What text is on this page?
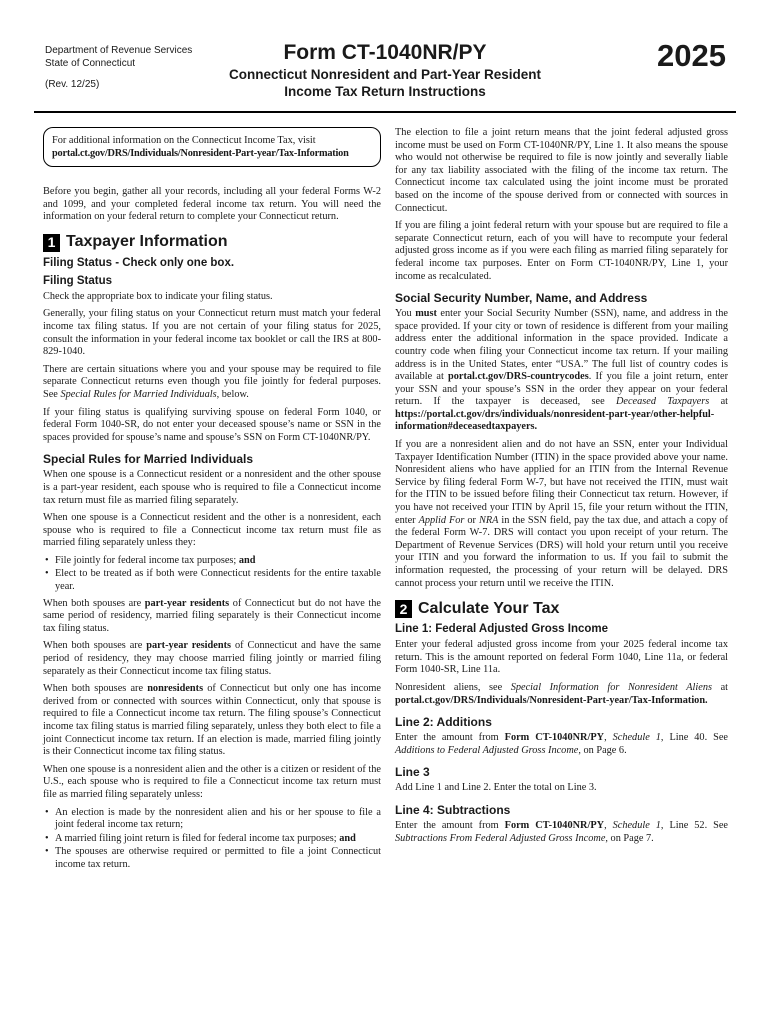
Department of Revenue Services
State of Connecticut
(Rev. 12/25)
Form CT-1040NR/PY
Connecticut Nonresident and Part-Year Resident
Income Tax Return Instructions
2025
For additional information on the Connecticut Income Tax, visit portal.ct.gov/DRS/Individuals/Nonresident-Part-year/Tax-Information

Before you begin, gather all your records, including all your federal Forms W-2 and 1099, and your completed federal income tax return. You will need the information on your federal return to complete your Connecticut return.

1 Taxpayer Information
Filing Status - Check only one box.
Filing Status

Check the appropriate box to indicate your filing status.

Generally, your filing status on your Connecticut return must match your federal income tax filing status. If you are not certain of your filing status for 2025, consult the information in your federal income tax booklet or call the IRS at 800-829-1040.

There are certain situations where you and your spouse may be required to file separate Connecticut returns even though you file jointly for federal purposes. See Special Rules for Married Individuals, below.

If your filing status is qualifying surviving spouse on federal Form 1040, or federal Form 1040-SR, do not enter your deceased spouse’s name or SSN in the spaces provided for spouse’s name and spouse’s SSN on Form CT-1040NR/PY.

Special Rules for Married Individuals

When one spouse is a Connecticut resident or a nonresident and the other spouse is a part-year resident, each spouse who is required to file a Connecticut income tax return must file as married filing separately.

When one spouse is a Connecticut resident and the other is a nonresident, each spouse who is required to file a Connecticut income tax return must file as married filing separately unless they:

• File jointly for federal income tax purposes; and
• Elect to be treated as if both were Connecticut residents for the entire taxable year.

When both spouses are part-year residents of Connecticut but do not have the same period of residency, married filing separately is their Connecticut income tax filing status.

When both spouses are part-year residents of Connecticut and have the same period of residency, they may choose married filing jointly or married filing separately as their Connecticut income tax filing status.

When both spouses are nonresidents of Connecticut but only one has income derived from or connected with sources within Connecticut, only that spouse is required to file a Connecticut income tax return. The filing spouse’s Connecticut income tax filing status is married filing separately, unless they both elect to file a joint Connecticut income tax return. If an election is made, married filing jointly is their Connecticut income tax filing status.

When one spouse is a nonresident alien and the other is a citizen or resident of the U.S., each spouse who is required to file a Connecticut income tax return must file as married filing separately unless:

• An election is made by the nonresident alien and his or her spouse to file a joint federal income tax return;
• A married filing joint return is filed for federal income tax purposes; and
• The spouses are otherwise required or permitted to file a joint Connecticut income tax return.

The election to file a joint return means that the joint federal adjusted gross income must be used on Form CT-1040NR/PY, Line 1. It also means the spouse who would not otherwise be required to file is now jointly and severally liable for any tax liability associated with the filing of the income tax return. The Connecticut income tax calculated using the joint income must be prorated based on the income of the spouse derived from or connected with sources in Connecticut.

If you are filing a joint federal return with your spouse but are required to file a separate Connecticut return, each of you will have to recompute your federal adjusted gross income as if you were each filing as married filing separately for federal income tax purposes. Enter on Form CT-1040NR/PY, Line 1, your income as recalculated.

Social Security Number, Name, and Address

You must enter your Social Security Number (SSN), name, and address in the space provided. If your city or town of residence is different from your mailing address enter the additional information in the space provided. Indicate a country code when filing your Connecticut income tax return. If your mailing address is in the United States, enter “USA.” The full list of country codes is available at portal.ct.gov/DRS-countrycodes. If you file a joint return, enter your SSN and your spouse’s SSN in the order they appear on your federal return. If the taxpayer is deceased, see Deceased Taxpayers at https://portal.ct.gov/drs/individuals/nonresident-part-year/other-helpful-information#deceasedtaxpayers.

If you are a nonresident alien and do not have an SSN, enter your Individual Taxpayer Identification Number (ITIN) in the space provided above your name. Nonresident aliens who have applied for an ITIN from the Internal Revenue Service by filing federal Form W-7, but have not received the ITIN, must wait for the ITIN to be issued before filing their Connecticut tax return. However, if you have not received your ITIN by April 15, file your return without the ITIN, enter Applid For or NRA in the SSN field, pay the tax due, and attach a copy of the federal Form W-7. DRS will contact you upon receipt of your return. The Department of Revenue Services (DRS) will hold your return until you receive your ITIN and you forward the information to us. If you fail to submit the information requested, the processing of your return will be delayed. DRS cannot process your return until we receive the ITIN.

2 Calculate Your Tax
Line 1: Federal Adjusted Gross Income

Enter your federal adjusted gross income from your 2025 federal income tax return. This is the amount reported on federal Form 1040, Line 11a, or federal Form 1040-SR, Line 11a.

Nonresident aliens, see Special Information for Nonresident Aliens at portal.ct.gov/DRS/Individuals/Nonresident-Part-year/Tax-Information.

Line 2: Additions

Enter the amount from Form CT-1040NR/PY, Schedule 1, Line 40. See Additions to Federal Adjusted Gross Income, on Page 6.

Line 3

Add Line 1 and Line 2. Enter the total on Line 3.

Line 4: Subtractions

Enter the amount from Form CT-1040NR/PY, Schedule 1, Line 52. See Subtractions From Federal Adjusted Gross Income, on Page 7.
